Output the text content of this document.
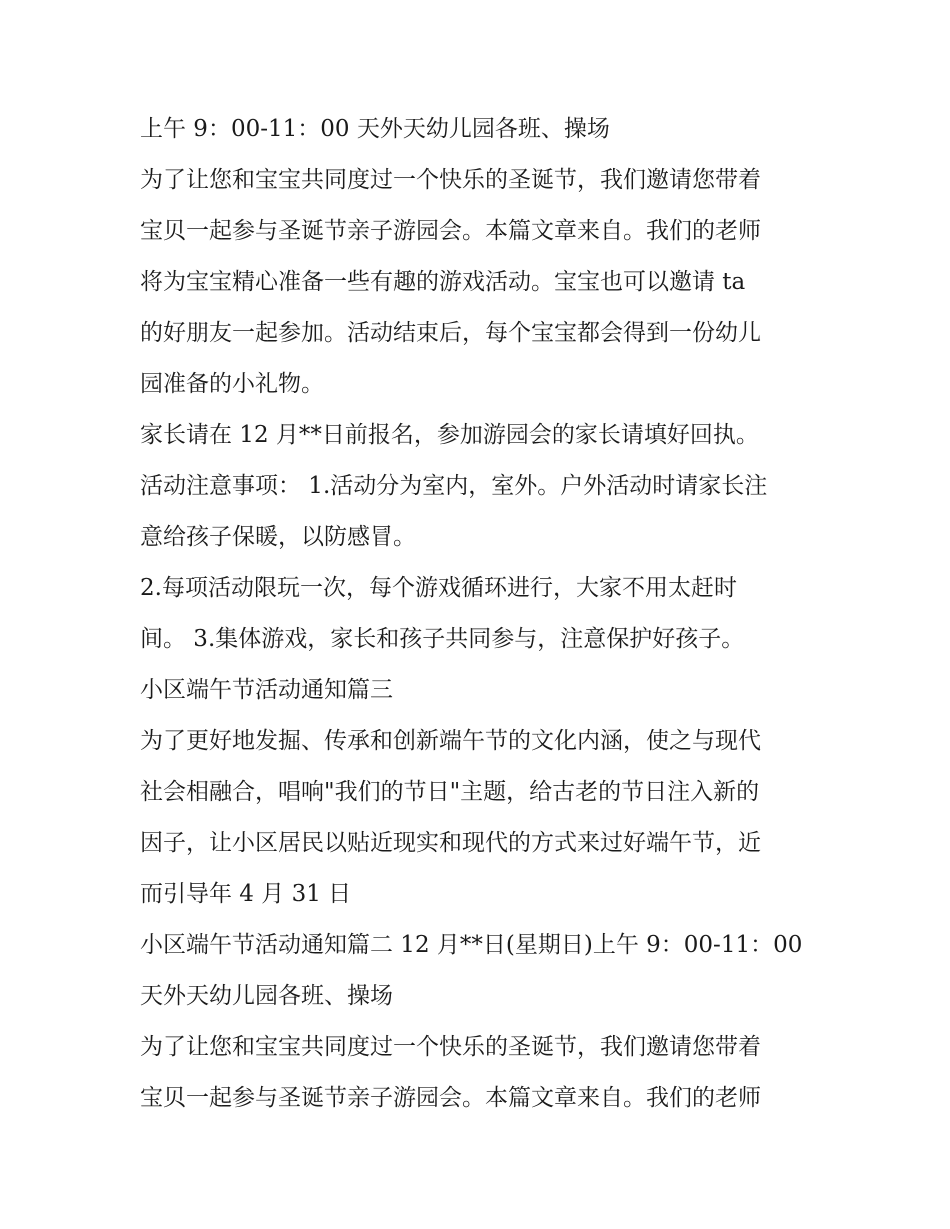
上午 9：00-11：00 天外天幼儿园各班、操场
为了让您和宝宝共同度过一个快乐的圣诞节，我们邀请您带着
宝贝一起参与圣诞节亲子游园会。本篇文章来自。我们的老师
将为宝宝精心准备一些有趣的游戏活动。宝宝也可以邀请 ta
的好朋友一起参加。活动结束后，每个宝宝都会得到一份幼儿
园准备的小礼物。
家长请在 12 月**日前报名，参加游园会的家长请填好回执。
活动注意事项： 1.活动分为室内，室外。户外活动时请家长注
意给孩子保暖，以防感冒。
2.每项活动限玩一次，每个游戏循环进行，大家不用太赶时
间。 3.集体游戏，家长和孩子共同参与，注意保护好孩子。
小区端午节活动通知篇三
为了更好地发掘、传承和创新端午节的文化内涵，使之与现代
社会相融合，唱响"我们的节日"主题，给古老的节日注入新的
因子，让小区居民以贴近现实和现代的方式来过好端午节，近
而引导年 4 月 31 日
小区端午节活动通知篇二 12 月**日(星期日)上午 9：00-11：00
天外天幼儿园各班、操场
为了让您和宝宝共同度过一个快乐的圣诞节，我们邀请您带着
宝贝一起参与圣诞节亲子游园会。本篇文章来自。我们的老师
